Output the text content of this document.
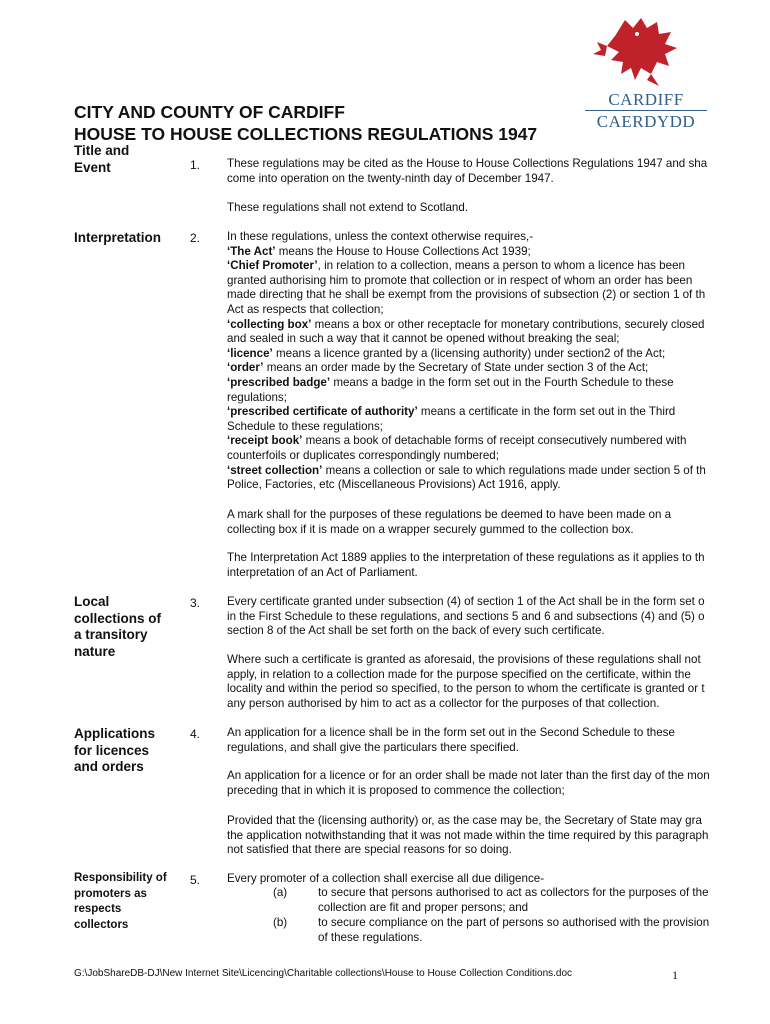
CARDIFF
CAERDYDD
CITY AND COUNTY OF CARDIFF
HOUSE TO HOUSE COLLECTIONS REGULATIONS 1947
Title and
Event	1. These regulations may be cited as the House to House Collections Regulations 1947 and sha
come into operation on the twenty-ninth day of December 1947.
These regulations shall not extend to Scotland.
Interpretation 2. In these regulations, unless the context otherwise requires,-
‘The Act’ means the House to House Collections Act 1939;
‘Chief Promoter’, in relation to a collection, means a person to whom a licence has been
granted authorising him to promote that collection or in respect of whom an order has been
made directing that he shall be exempt from the provisions of subsection (2) or section 1 of th
Act as respects that collection;
‘collecting box’ means a box or other receptacle for monetary contributions, securely closed
and sealed in such a way that it cannot be opened without breaking the seal;
‘licence’ means a licence granted by a (licensing authority) under section2 of the Act;
‘order’ means an order made by the Secretary of State under section 3 of the Act;
‘prescribed badge’ means a badge in the form set out in the Fourth Schedule to these
regulations;
‘prescribed certificate of authority’ means a certificate in the form set out in the Third
Schedule to these regulations;
‘receipt book’ means a book of detachable forms of receipt consecutively numbered with
counterfoils or duplicates correspondingly numbered;
‘street collection’ means a collection or sale to which regulations made under section 5 of th
Police, Factories, etc (Miscellaneous Provisions) Act 1916, apply.
A mark shall for the purposes of these regulations be deemed to have been made on a
collecting box if it is made on a wrapper securely gummed to the collection box.
The Interpretation Act 1889 applies to the interpretation of these regulations as it applies to th
interpretation of an Act of Parliament.
Local
collections of
a transitory
nature
3. Every certificate granted under subsection (4) of section 1 of the Act shall be in the form set o
in the First Schedule to these regulations, and sections 5 and 6 and subsections (4) and (5) o
section 8 of the Act shall be set forth on the back of every such certificate.
Where such a certificate is granted as aforesaid, the provisions of these regulations shall not
apply, in relation to a collection made for the purpose specified on the certificate, within the
locality and within the period so specified, to the person to whom the certificate is granted or t
any person authorised by him to act as a collector for the purposes of that collection.
Applications
for licences
and orders
4. An application for a licence shall be in the form set out in the Second Schedule to these
regulations, and shall give the particulars there specified.
An application for a licence or for an order shall be made not later than the first day of the mon
preceding that in which it is proposed to commence the collection;
Provided that the (licensing authority) or, as the case may be, the Secretary of State may gra
the application notwithstanding that it was not made within the time required by this paragraph
not satisfied that there are special reasons for so doing.
Responsibility of
promoters as
respects
collectors
5. Every promoter of a collection shall exercise all due diligence-
(a)	to secure that persons authorised to act as collectors for the purposes of the
collection are fit and proper persons; and
(b)	to secure compliance on the part of persons so authorised with the provision
of these regulations.
G:\JobShareDB-DJ\New Internet Site\Licencing\Charitable collections\House to House Collection Conditions.doc	1
